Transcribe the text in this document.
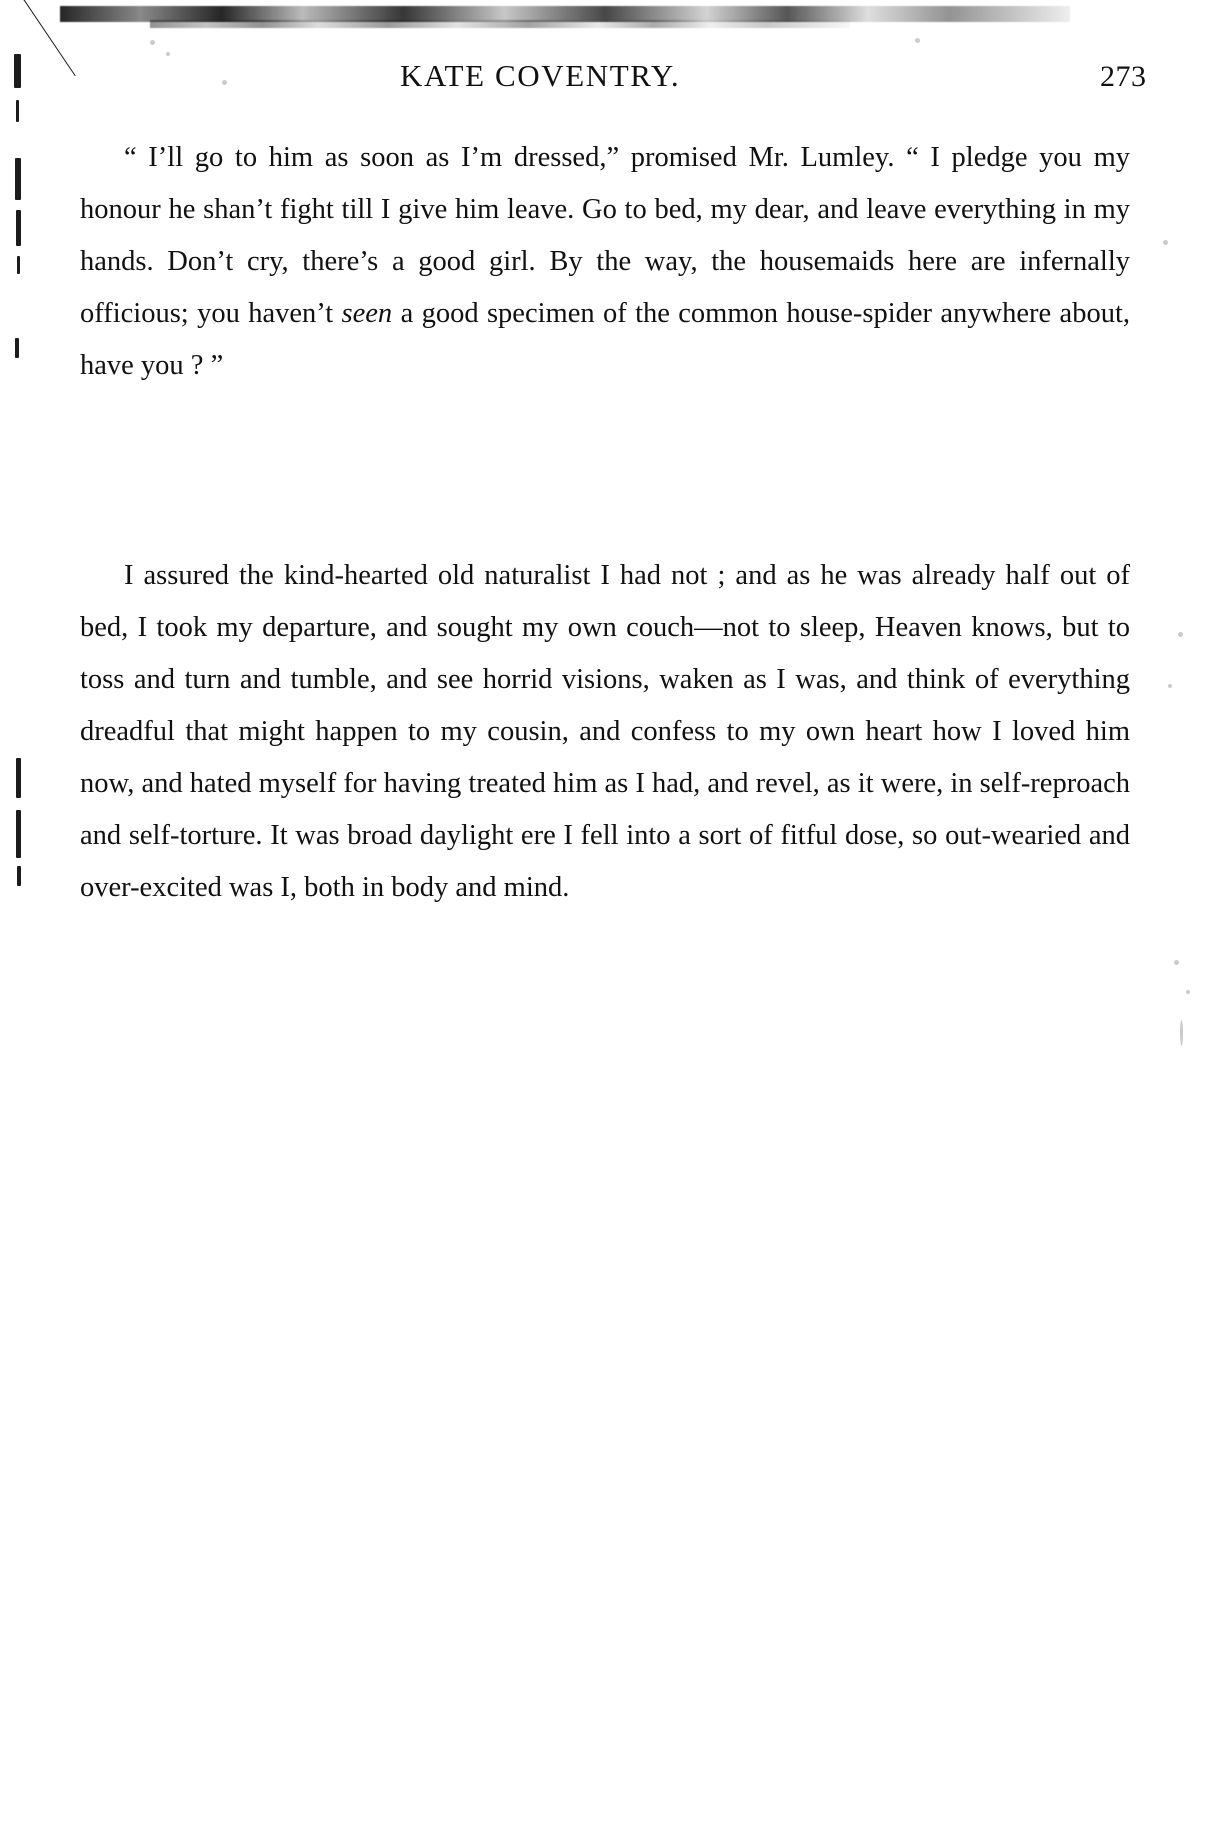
KATE COVENTRY.	273

“ I’ll go to him as soon as I’m dressed,” promised Mr. Lumley. “ I pledge you my honour he shan’t fight till I give him leave. Go to bed, my dear, and leave everything in my hands. Don’t cry, there’s a good girl. By the way, the housemaids here are infernally officious; you haven’t seen a good specimen of the common house-spider anywhere about, have you ? ”

I assured the kind-hearted old naturalist I had not ; and as he was already half out of bed, I took my departure, and sought my own couch—not to sleep, Heaven knows, but to toss and turn and tumble, and see horrid visions, waken as I was, and think of everything dreadful that might happen to my cousin, and confess to my own heart how I loved him now, and hated myself for having treated him as I had, and revel, as it were, in self-reproach and self-torture. It was broad daylight ere I fell into a sort of fitful dose, so out-wearied and over-excited was I, both in body and mind.
